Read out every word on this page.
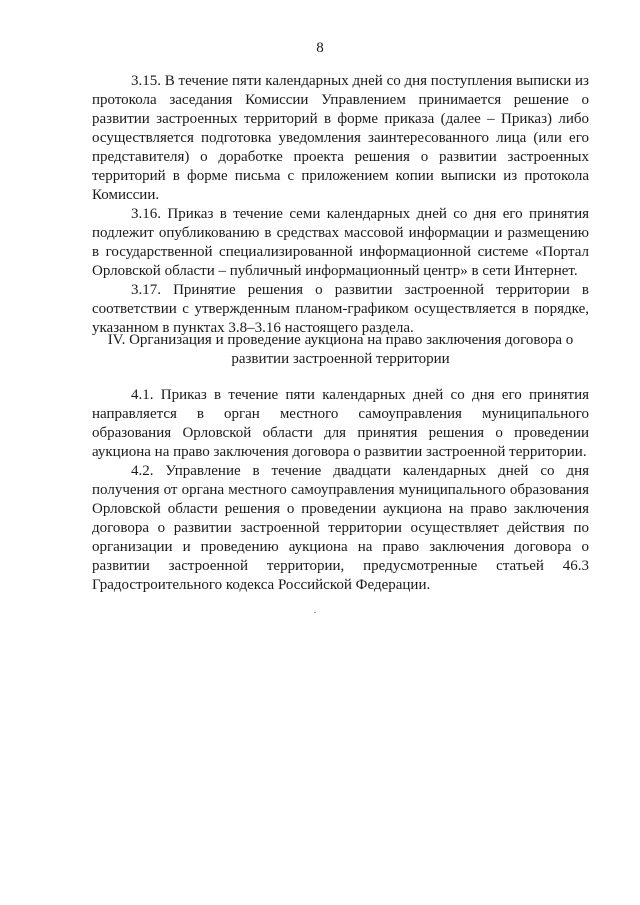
8

3.15. В течение пяти календарных дней со дня поступления выписки из протокола заседания Комиссии Управлением принимается решение о развитии застроенных территорий в форме приказа (далее – Приказ) либо осуществляется подготовка уведомления заинтересованного лица (или его представителя) о доработке проекта решения о развитии застроенных территорий в форме письма с приложением копии выписки из протокола Комиссии.

3.16. Приказ в течение семи календарных дней со дня его принятия подлежит опубликованию в средствах массовой информации и размещению в государственной специализированной информационной системе «Портал Орловской области – публичный информационный центр» в сети Интернет.

3.17. Принятие решения о развитии застроенной территории в соответствии с утвержденным планом-графиком осуществляется в порядке, указанном в пунктах 3.8–3.16 настоящего раздела.

IV. Организация и проведение аукциона на право заключения договора о развитии застроенной территории

4.1. Приказ в течение пяти календарных дней со дня его принятия направляется в орган местного самоуправления муниципального образования Орловской области для принятия решения о проведении аукциона на право заключения договора о развитии застроенной территории.

4.2. Управление в течение двадцати календарных дней со дня получения от органа местного самоуправления муниципального образования Орловской области решения о проведении аукциона на право заключения договора о развитии застроенной территории осуществляет действия по организации и проведению аукциона на право заключения договора о развитии застроенной территории, предусмотренные статьей 46.3 Градостроительного кодекса Российской Федерации.
